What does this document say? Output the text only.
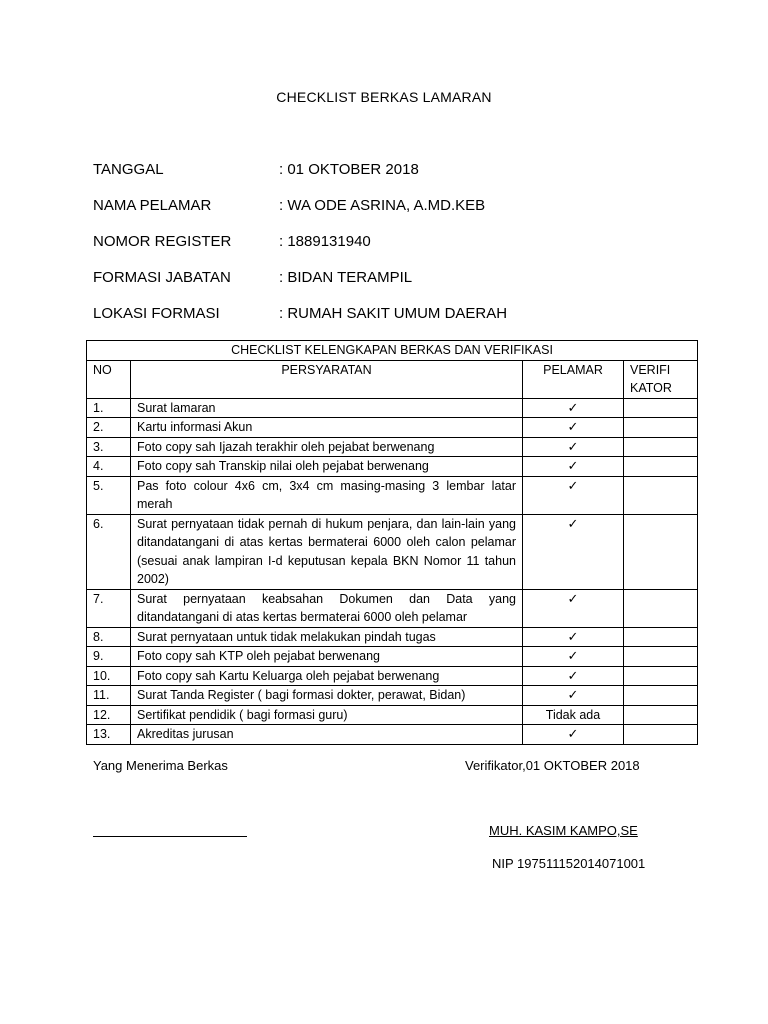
CHECKLIST BERKAS LAMARAN
TANGGAL	: 01 OKTOBER 2018
NAMA PELAMAR	: WA ODE ASRINA, A.MD.KEB
NOMOR REGISTER	: 1889131940
FORMASI JABATAN	: BIDAN TERAMPIL
LOKASI FORMASI	: RUMAH SAKIT UMUM DAERAH
CHECKLIST KELENGKAPAN BERKAS DAN VERIFIKASI			
NO	PERSYARATAN	PELAMAR	VERIFI KATOR
1.	Surat lamaran	✓	
2.	Kartu informasi Akun	✓	
3.	Foto copy sah Ijazah terakhir oleh pejabat berwenang	✓	
4.	Foto copy sah Transkip nilai oleh pejabat berwenang	✓	
5.	Pas foto colour 4x6 cm, 3x4 cm masing-masing 3 lembar latar merah	✓	
6.	Surat pernyataan tidak pernah di hukum penjara, dan lain-lain yang ditandatangani di atas kertas bermaterai 6000 oleh calon pelamar (sesuai anak lampiran I-d keputusan kepala BKN Nomor 11 tahun 2002)	✓	
7.	Surat pernyataan keabsahan Dokumen dan Data yang ditandatangani di atas kertas bermaterai 6000 oleh pelamar	✓	
8.	Surat pernyataan untuk tidak melakukan pindah tugas	✓	
9.	Foto copy sah KTP oleh pejabat berwenang	✓	
10.	Foto copy sah Kartu Keluarga oleh pejabat berwenang	✓	
11.	Surat Tanda Register ( bagi formasi dokter, perawat, Bidan)	✓	
12.	Sertifikat pendidik ( bagi formasi guru)	Tidak ada	
13.	Akreditas jurusan	✓	
Yang Menerima Berkas	Verifikator,01 OKTOBER 2018
MUH. KASIM KAMPO,SE
NIP 197511152014071001
